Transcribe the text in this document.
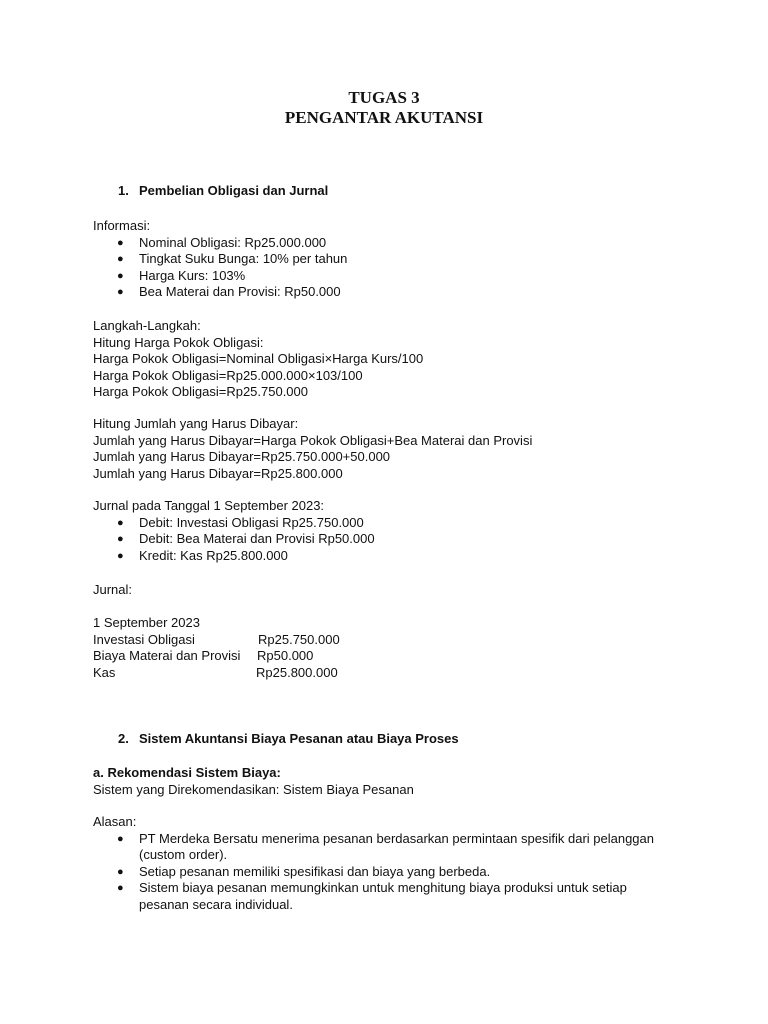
TUGAS 3
PENGANTAR AKUTANSI
1. Pembelian Obligasi dan Jurnal
Informasi:
● Nominal Obligasi: Rp25.000.000
● Tingkat Suku Bunga: 10% per tahun
● Harga Kurs: 103%
● Bea Materai dan Provisi: Rp50.000
Langkah-Langkah:
Hitung Harga Pokok Obligasi:
Harga Pokok Obligasi=Nominal Obligasi×Harga Kurs/100
Harga Pokok Obligasi=Rp25.000.000×103/100
Harga Pokok Obligasi=Rp25.750.000
Hitung Jumlah yang Harus Dibayar:
Jumlah yang Harus Dibayar=Harga Pokok Obligasi+Bea Materai dan Provisi
Jumlah yang Harus Dibayar=Rp25.750.000+50.000
Jumlah yang Harus Dibayar=Rp25.800.000
Jurnal pada Tanggal 1 September 2023:
● Debit: Investasi Obligasi Rp25.750.000
● Debit: Bea Materai dan Provisi Rp50.000
● Kredit: Kas Rp25.800.000
Jurnal:
1 September 2023
Investasi Obligasi	Rp25.750.000
Biaya Materai dan Provisi Rp50.000
Kas	Rp25.800.000
2. Sistem Akuntansi Biaya Pesanan atau Biaya Proses
a. Rekomendasi Sistem Biaya:
Sistem yang Direkomendasikan: Sistem Biaya Pesanan
Alasan:
● PT Merdeka Bersatu menerima pesanan berdasarkan permintaan spesifik dari pelanggan (custom order).
● Setiap pesanan memiliki spesifikasi dan biaya yang berbeda.
● Sistem biaya pesanan memungkinkan untuk menghitung biaya produksi untuk setiap pesanan secara individual.
